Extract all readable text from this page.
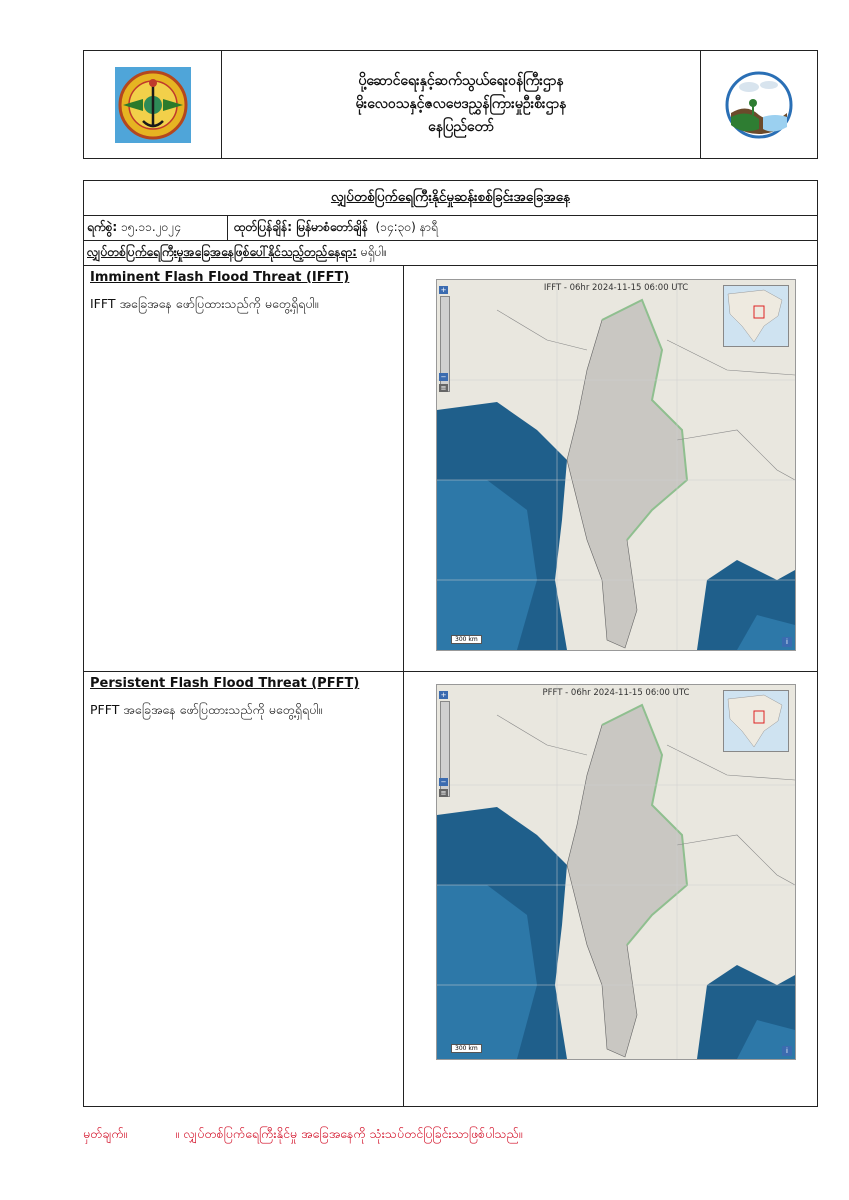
ပို့ဆောင်ရေးနှင့်ဆက်သွယ်ရေးဝန်ကြီးဌာန
မိုးလေဝသနှင့်ဇလဗေဒညွှန်ကြားမှုဦးစီးဌာန
နေပြည်တော်
လျှပ်တစ်ပြက်ရေကြီးနိုင်မှုဆန်းစစ်ခြင်းအခြေအနေ
ရက်စွဲ:
၁၅.၁၁.၂၀၂၄	ထုတ်ပြန်ချိန်: မြန်မာစံတော်ချိန် (၁၄:၃၀) နာရီ
လျှပ်တစ်ပြက်ရေကြီးမှုအခြေအနေဖြစ်ပေါ်နိုင်သည့်တည်နေရာ:
မရှိပါ။
Imminent Flash Flood Threat (IFFT)

IFFT အခြေအနေ ဖော်ပြထားသည်ကို မတွေ့ရှိရပါ။

IFFT - 06hr 2024-11-15 06:00 UTC
+
−
≡
300 km	i
Persistent Flash Flood Threat (PFFT)

PFFT အခြေအနေ ဖော်ပြထားသည်ကို မတွေ့ရှိရပါ။

PFFT - 06hr 2024-11-15 06:00 UTC
+
−
≡
300 km	i
မှတ်ချက်။	။ လျှပ်တစ်ပြက်ရေကြီးနိုင်မှု အခြေအနေကို သုံးသပ်တင်ပြခြင်းသာဖြစ်ပါသည်။
